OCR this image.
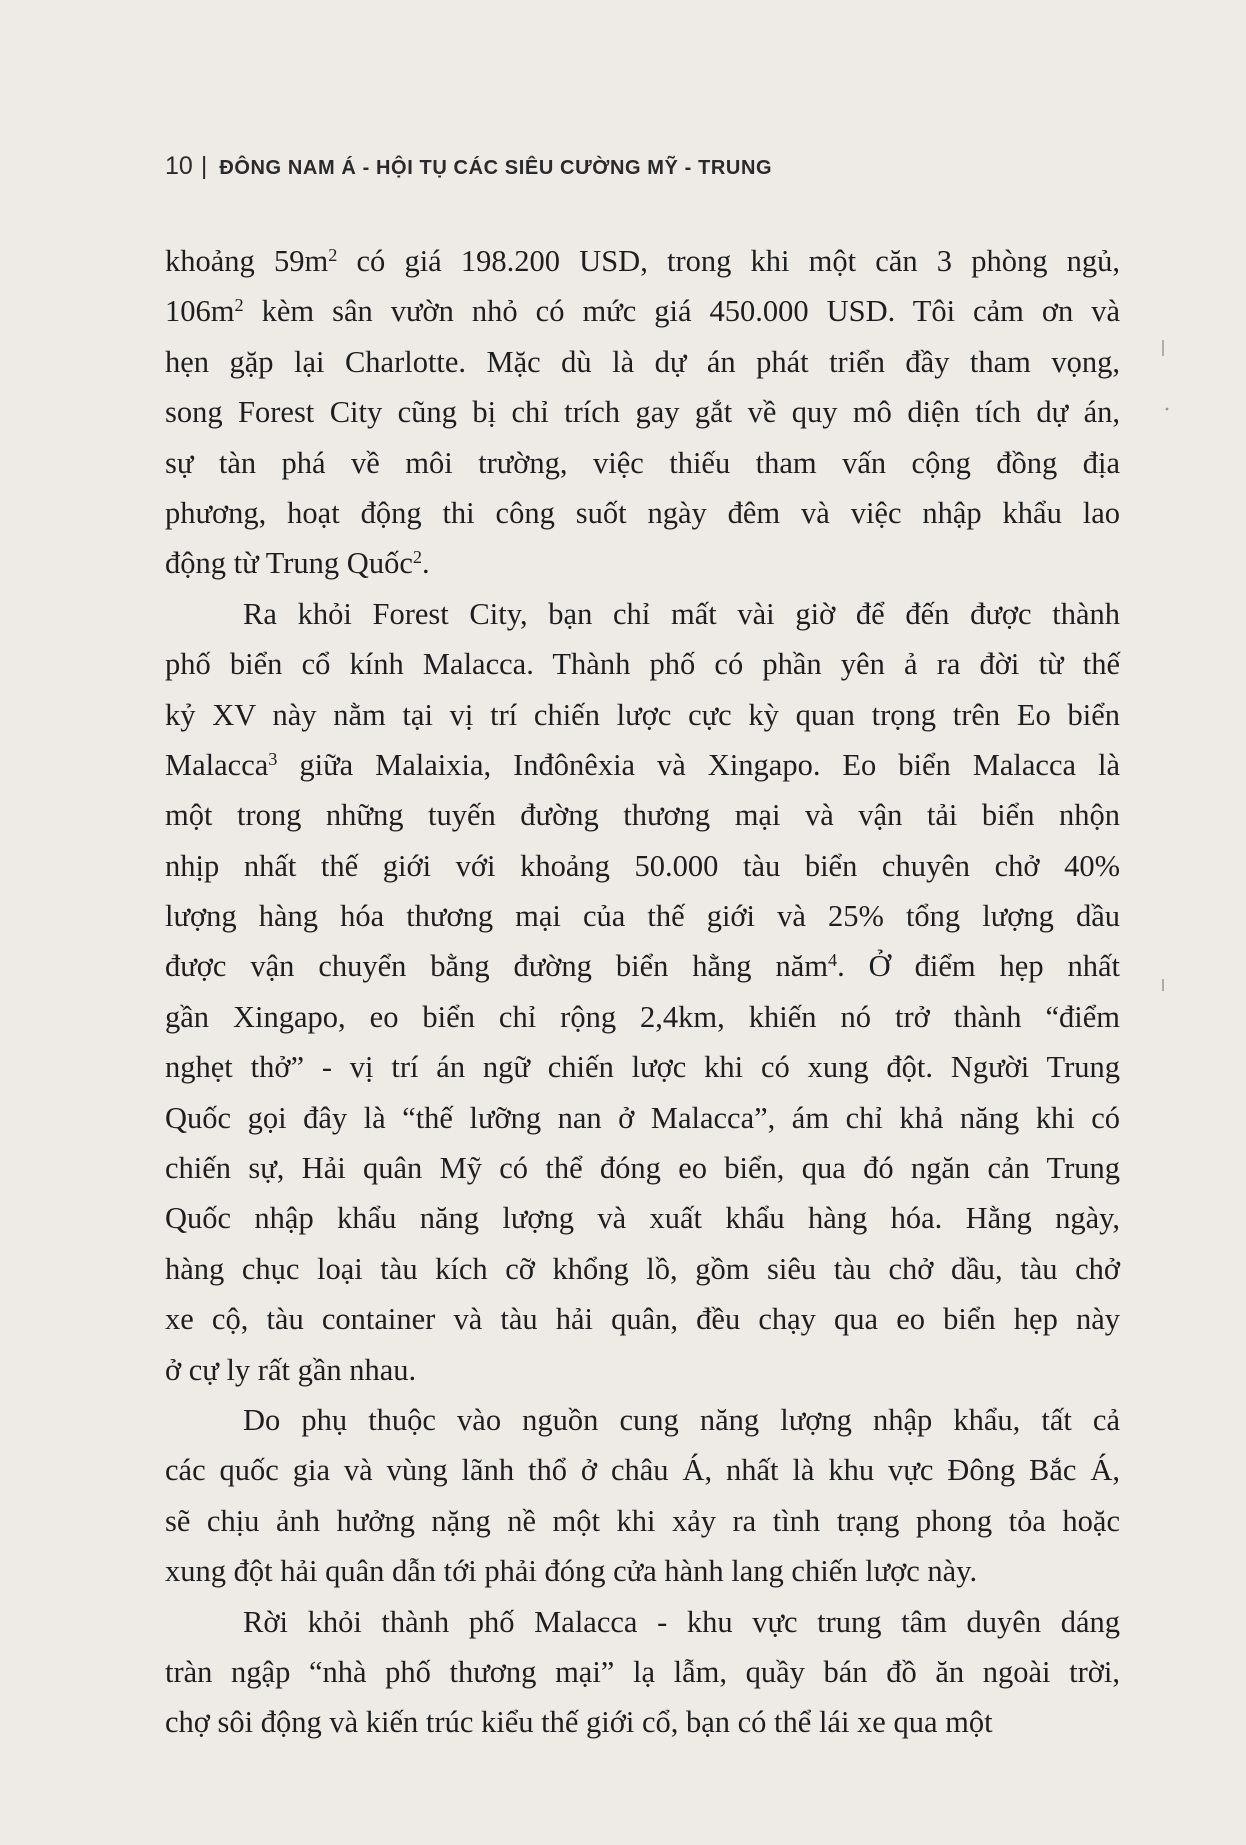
10 | ĐÔNG NAM Á - HỘI TỤ CÁC SIÊU CƯỜNG MỸ - TRUNG
khoảng $59m^2$ có giá 198.200 USD, trong khi một căn 3 phòng ngủ,
$106m^2$ kèm sân vườn nhỏ có mức giá 450.000 USD. Tôi cảm ơn và
hẹn gặp lại Charlotte. Mặc dù là dự án phát triển đầy tham vọng,
song Forest City cũng bị chỉ trích gay gắt về quy mô diện tích dự án,
sự tàn phá về môi trường, việc thiếu tham vấn cộng đồng địa
phương, hoạt động thi công suốt ngày đêm và việc nhập khẩu lao
động từ Trung Quốc$^2$.
Ra khỏi Forest City, bạn chỉ mất vài giờ để đến được thành
phố biển cổ kính Malacca. Thành phố có phần yên ả ra đời từ thế
kỷ XV này nằm tại vị trí chiến lược cực kỳ quan trọng trên Eo biển
Malacca$^3$ giữa Malaixia, Inđônêxia và Xingapo. Eo biển Malacca là
một trong những tuyến đường thương mại và vận tải biển nhộn
nhịp nhất thế giới với khoảng 50.000 tàu biển chuyên chở 40%
lượng hàng hóa thương mại của thế giới và 25% tổng lượng dầu
được vận chuyển bằng đường biển hằng năm$^4$. Ở điểm hẹp nhất
gần Xingapo, eo biển chỉ rộng 2,4km, khiến nó trở thành “điểm
nghẹt thở” - vị trí án ngữ chiến lược khi có xung đột. Người Trung
Quốc gọi đây là “thế lưỡng nan ở Malacca”, ám chỉ khả năng khi có
chiến sự, Hải quân Mỹ có thể đóng eo biển, qua đó ngăn cản Trung
Quốc nhập khẩu năng lượng và xuất khẩu hàng hóa. Hằng ngày,
hàng chục loại tàu kích cỡ khổng lồ, gồm siêu tàu chở dầu, tàu chở
xe cộ, tàu container và tàu hải quân, đều chạy qua eo biển hẹp này
ở cự ly rất gần nhau.
Do phụ thuộc vào nguồn cung năng lượng nhập khẩu, tất cả
các quốc gia và vùng lãnh thổ ở châu Á, nhất là khu vực Đông Bắc Á,
sẽ chịu ảnh hưởng nặng nề một khi xảy ra tình trạng phong tỏa hoặc
xung đột hải quân dẫn tới phải đóng cửa hành lang chiến lược này.
Rời khỏi thành phố Malacca - khu vực trung tâm duyên dáng
tràn ngập “nhà phố thương mại” lạ lẫm, quầy bán đồ ăn ngoài trời,
chợ sôi động và kiến trúc kiểu thế giới cổ, bạn có thể lái xe qua một
